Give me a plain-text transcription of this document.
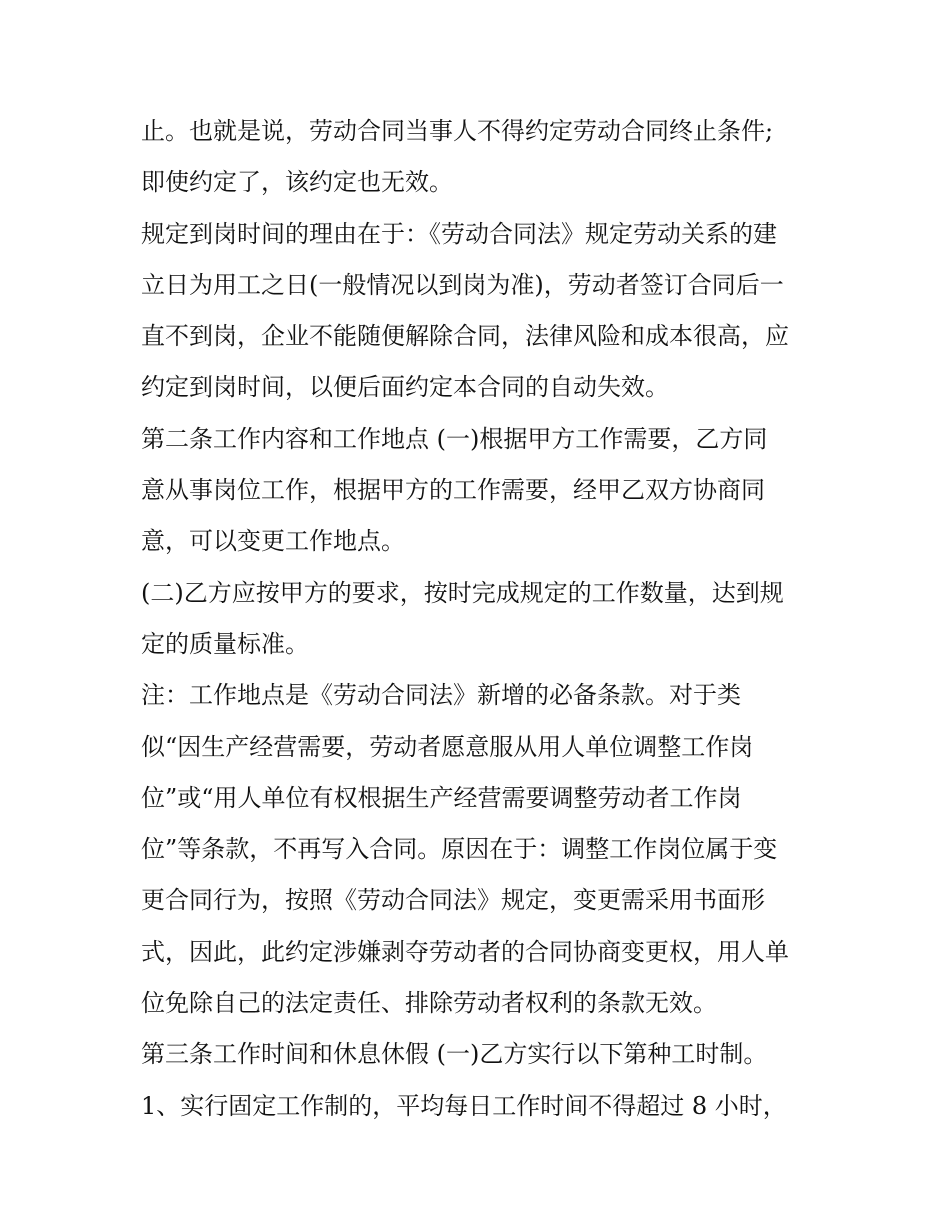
止。也就是说，劳动合同当事人不得约定劳动合同终止条件;
即使约定了，该约定也无效。
规定到岗时间的理由在于：《劳动合同法》规定劳动关系的建
立日为用工之日(一般情况以到岗为准)，劳动者签订合同后一
直不到岗，企业不能随便解除合同，法律风险和成本很高，应
约定到岗时间，以便后面约定本合同的自动失效。
第二条工作内容和工作地点 (一)根据甲方工作需要，乙方同
意从事岗位工作，根据甲方的工作需要，经甲乙双方协商同
意，可以变更工作地点。
(二)乙方应按甲方的要求，按时完成规定的工作数量，达到规
定的质量标准。
注：工作地点是《劳动合同法》新增的必备条款。对于类
似“因生产经营需要，劳动者愿意服从用人单位调整工作岗
位”或“用人单位有权根据生产经营需要调整劳动者工作岗
位”等条款，不再写入合同。原因在于：调整工作岗位属于变
更合同行为，按照《劳动合同法》规定，变更需采用书面形
式，因此，此约定涉嫌剥夺劳动者的合同协商变更权，用人单
位免除自己的法定责任、排除劳动者权利的条款无效。
第三条工作时间和休息休假 (一)乙方实行以下第种工时制。
1、实行固定工作制的，平均每日工作时间不得超过 8 小时，
